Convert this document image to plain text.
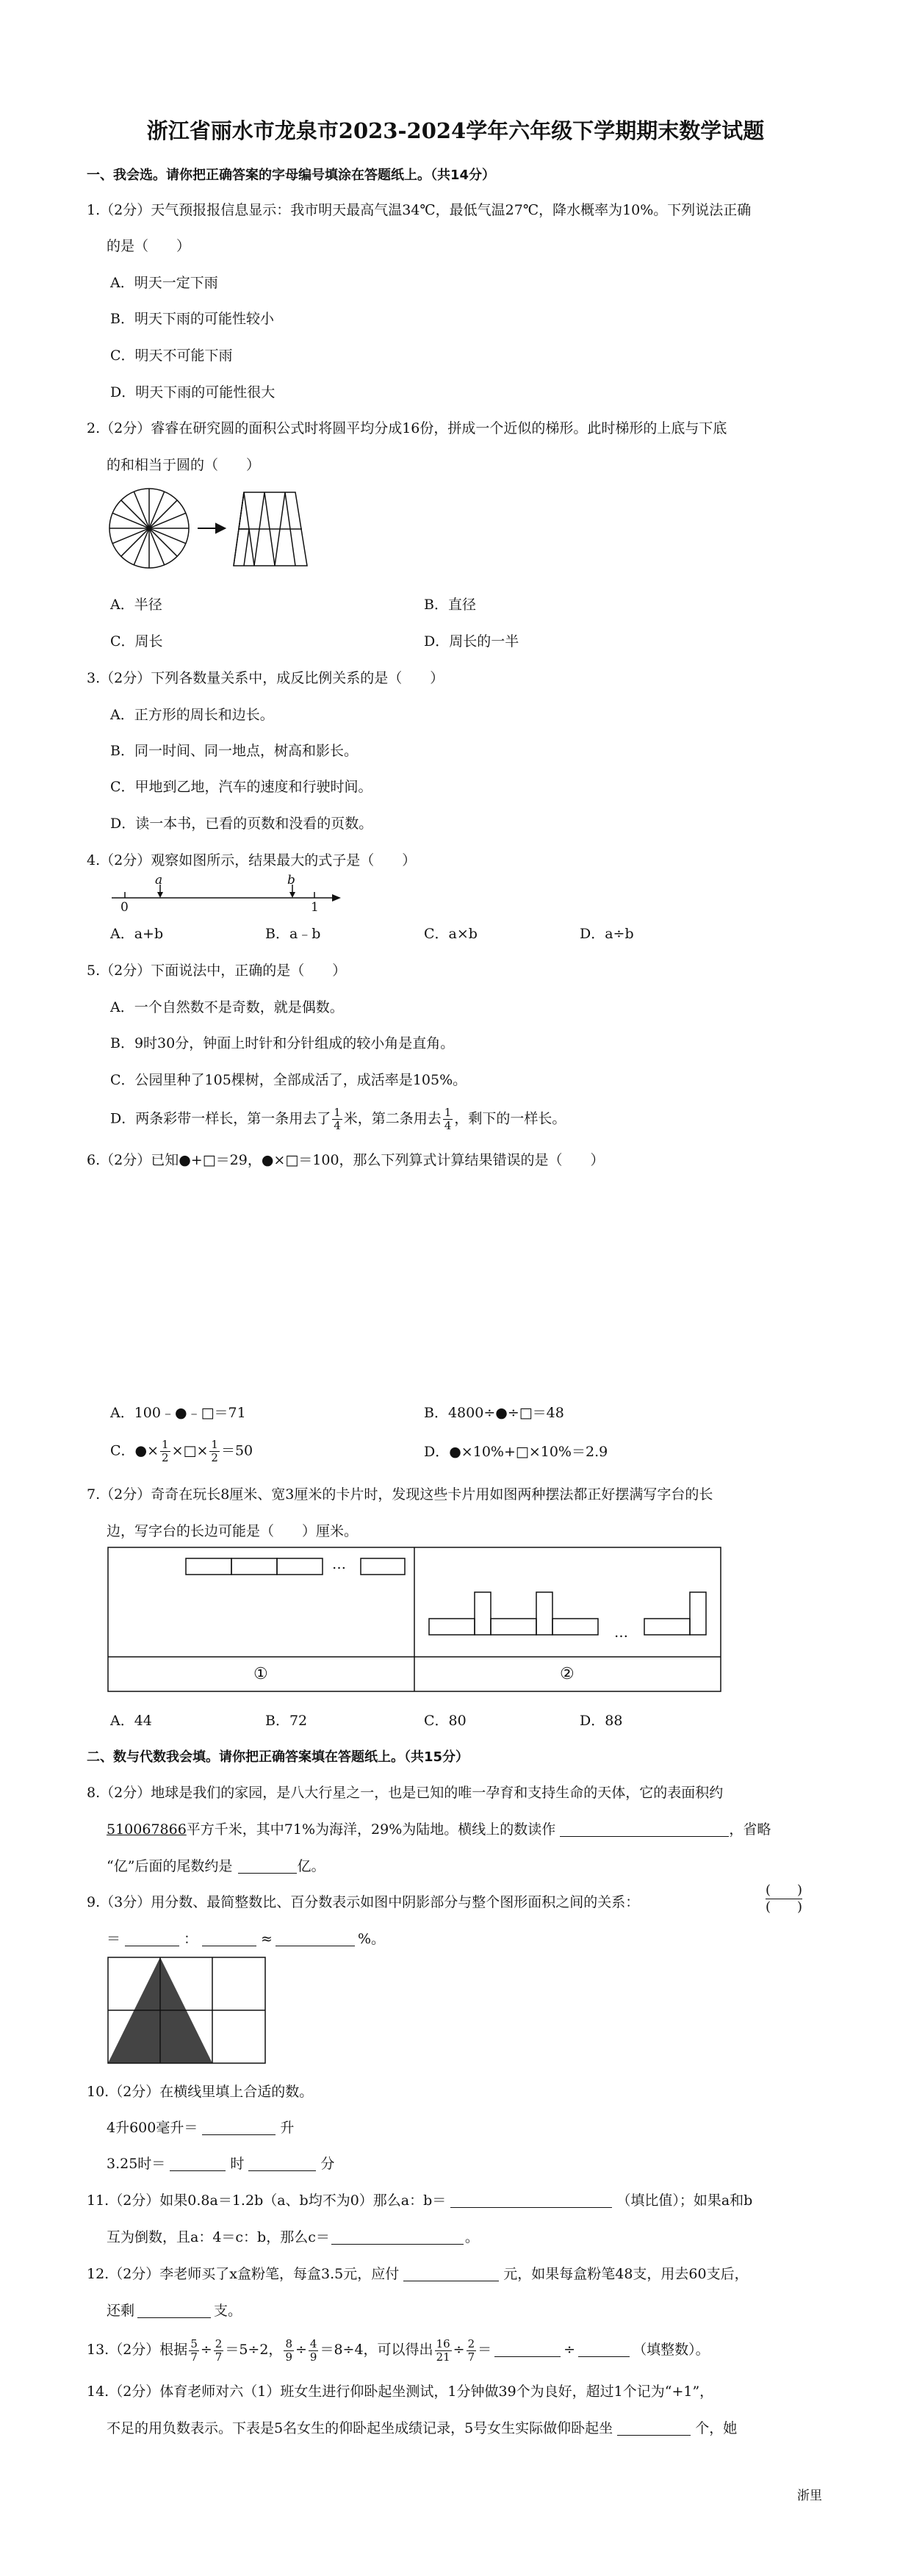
浙江省丽水市龙泉市2023-2024学年六年级下学期期末数学试题
一、我会选。请你把正确答案的字母编号填涂在答题纸上。（共14分）
1.（2分）天气预报报信息显示：我市明天最高气温34℃，最低气温27℃，降水概率为10%。下列说法正确
的是（　　）
A．明天一定下雨
B．明天下雨的可能性较小
C．明天不可能下雨
D．明天下雨的可能性很大
2.（2分）睿睿在研究圆的面积公式时将圆平均分成16份，拼成一个近似的梯形。此时梯形的上底与下底
的和相当于圆的（　　）
A．半径	B．直径
C．周长	D．周长的一半
3.（2分）下列各数量关系中，成反比例关系的是（　　）
A．正方形的周长和边长。
B．同一时间、同一地点，树高和影长。
C．甲地到乙地，汽车的速度和行驶时间。
D．读一本书，已看的页数和没看的页数。
4.（2分）观察如图所示，结果最大的式子是（　　）
a	b
0	1
A．a+b	B．a﹣b	C．a×b	D．a÷b
5.（2分）下面说法中，正确的是（　　）
A．一个自然数不是奇数，就是偶数。
B．9时30分，钟面上时针和分针组成的较小角是直角。
C．公园里种了105棵树，全部成活了，成活率是105%。
D．两条彩带一样长，第一条用去了 $\frac{1}{4}$ 米，第二条用去 $\frac{1}{4}$ ，剩下的一样长。
6.（2分）已知●+□＝29，●×□＝100，那么下列算式计算结果错误的是（　　）
A．100﹣●﹣□＝71	B．4800÷●÷□＝48
C．●× $\frac{1}{2}$ ×□× $\frac{1}{2} =50$	D．●×10%+□×10%＝2.9
7.（2分）奇奇在玩长8厘米、宽3厘米的卡片时，发现这些卡片用如图两种摆法都正好摆满写字台的长
边，写字台的长边可能是（　　）厘米。
…
…
①	②
A．44	B．72	C．80	D．88
二、数与代数我会填。请你把正确答案填在答题纸上。（共15分）
8.（2分）地球是我们的家园，是八大行星之一，也是已知的唯一孕育和支持生命的天体，它的表面积约
510067866平方千米，其中71%为海洋，29%为陆地。横线上的数读作	，省略
“亿”后面的尾数约是	亿。
9.（3分）用分数、最简整数比、百分数表示如图中阴影部分与整个图形面积之间的关系：
(　　)
(　　)
＝	：	≈	%。
10.（2分）在横线里填上合适的数。
4升600毫升＝	升
3.25时＝	时	分
11.（2分）如果0.8a＝1.2b（a、b均不为0）那么a：b＝	（填比值）；如果a和b
互为倒数，且a：4＝c：b，那么c＝	。
12.（2分）李老师买了x盒粉笔，每盒3.5元，应付	元，如果每盒粉笔48支，用去60支后，
还剩	支。
13.（2分）根据 $\frac{5}{7} \div \frac{2}{7} =5\div 2$， $\frac{8}{9} \div \frac{4}{9} =8\div 4$，可以得出 $\frac{16}{21} \div \frac{2}{7}$ ＝	÷	（填整数）。
14.（2分）体育老师对六（1）班女生进行仰卧起坐测试，1分钟做39个为良好，超过1个记为“+1”，
不足的用负数表示。下表是5名女生的仰卧起坐成绩记录，5号女生实际做仰卧起坐	个，她
浙里
